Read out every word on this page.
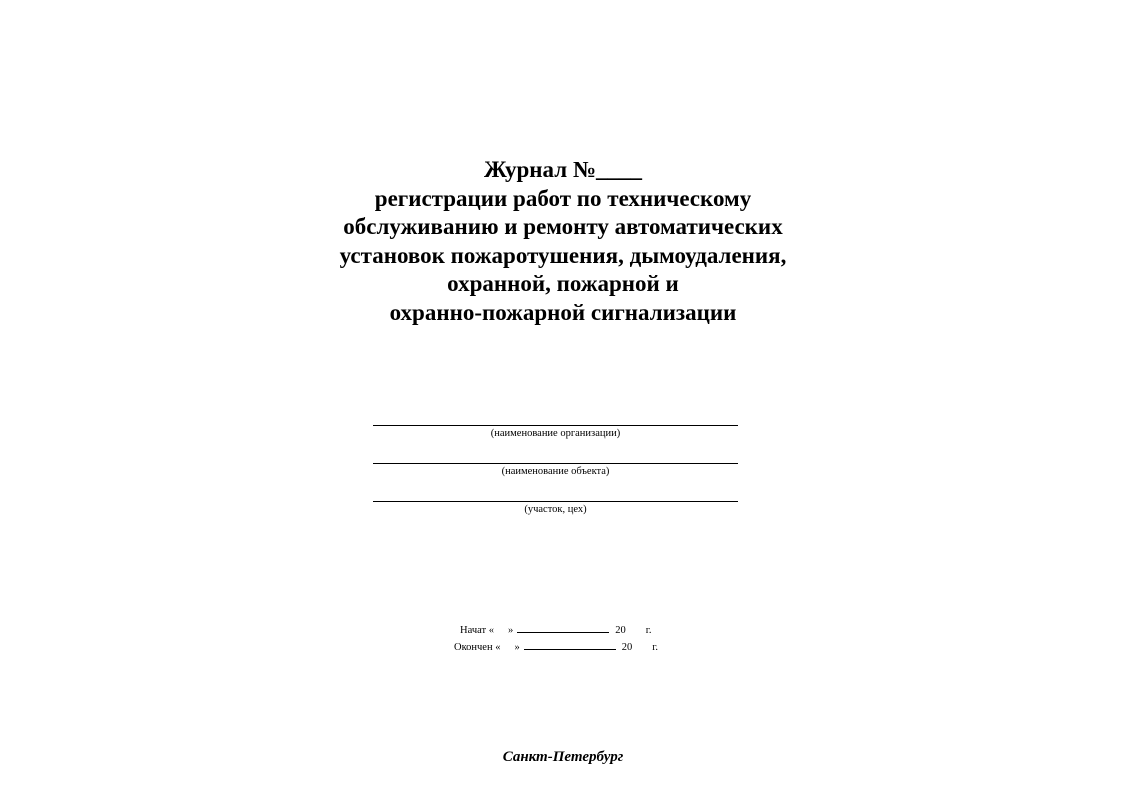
Журнал №____
регистрации работ по техническому
обслуживанию и ремонту автоматических
установок пожаротушения, дымоудаления,
охранной, пожарной и
охранно-пожарной сигнализации
(наименование организации)
(наименование объекта)
(участок, цех)
Начат « »	20 г.
Окончен « »	20 г.
Санкт-Петербург
